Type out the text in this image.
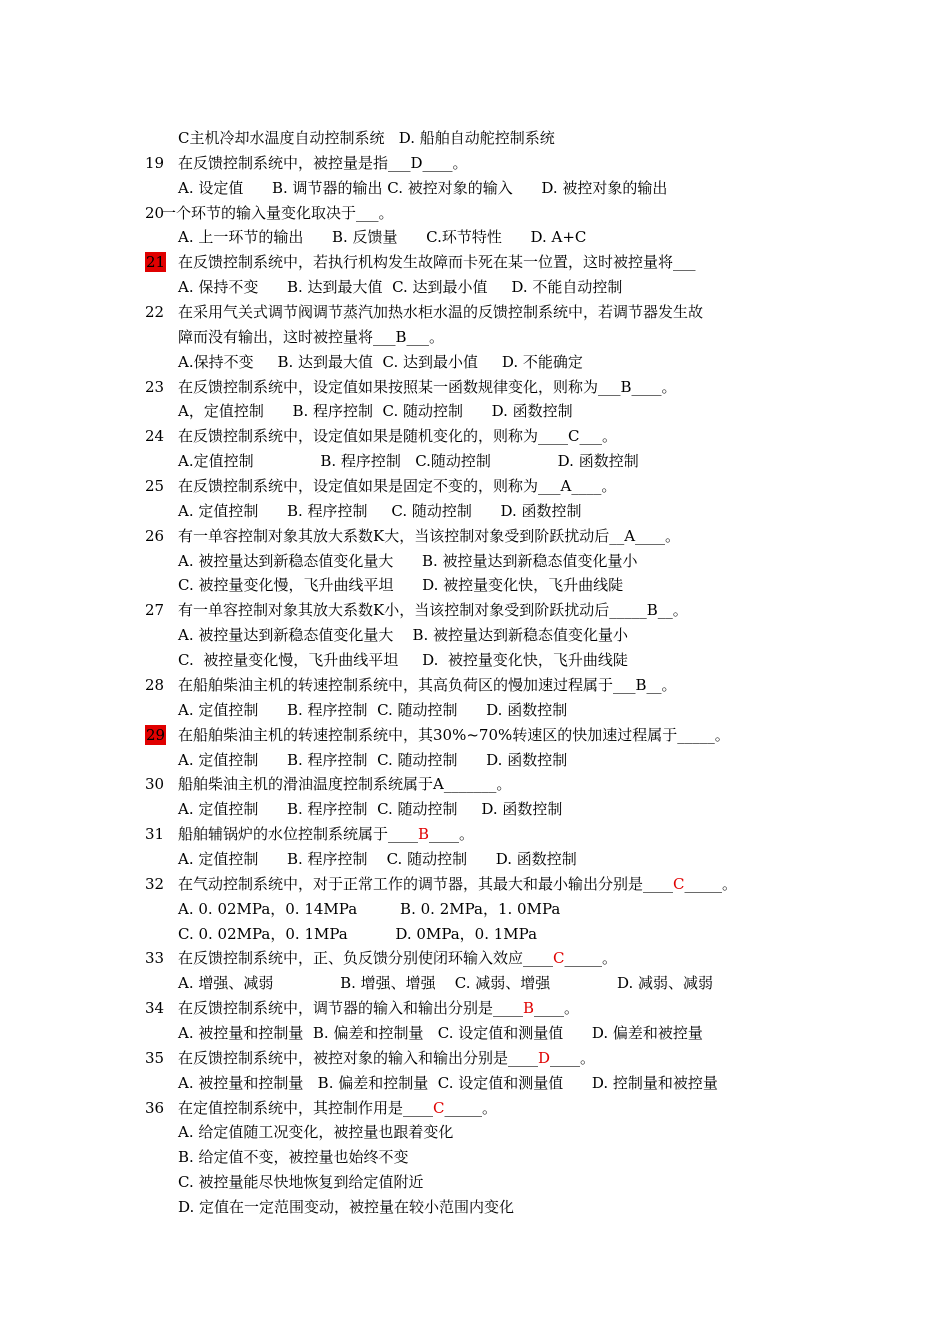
C主机冷却水温度自动控制系统   D. 船舶自动舵控制系统
19 在反馈控制系统中，被控量是指___D____。
A. 设定值      B. 调节器的输出 C. 被控对象的输入      D. 被控对象的输出
20
一个环节的输入量变化取决于___。
A. 上一环节的输出      B. 反馈量      C.环节特性      D. A+C
21 在反馈控制系统中，若执行机构发生故障而卡死在某一位置，这时被控量将___
A. 保持不变      B. 达到最大值  C. 达到最小值     D. 不能自动控制
22 在采用气关式调节阀调节蒸汽加热水柜水温的反馈控制系统中，若调节器发生故
障而没有输出，这时被控量将___B___。
A.保持不变     B. 达到最大值  C. 达到最小值     D. 不能确定
23 在反馈控制系统中，设定值如果按照某一函数规律变化，则称为___B____。
A，定值控制      B. 程序控制  C. 随动控制      D. 函数控制
24 在反馈控制系统中，设定值如果是随机变化的，则称为____C___。
A.定值控制              B. 程序控制   C.随动控制              D. 函数控制
25 在反馈控制系统中，设定值如果是固定不变的，则称为___A____。
A. 定值控制      B. 程序控制     C. 随动控制      D. 函数控制
26 有一单容控制对象其放大系数K大，当该控制对象受到阶跃扰动后__A____。
A. 被控量达到新稳态值变化量大      B. 被控量达到新稳态值变化量小
C. 被控量变化慢，飞升曲线平坦      D. 被控量变化快，飞升曲线陡
27 有一单容控制对象其放大系数K小，当该控制对象受到阶跃扰动后_____B__。
A. 被控量达到新稳态值变化量大    B. 被控量达到新稳态值变化量小
C.  被控量变化慢，飞升曲线平坦     D.  被控量变化快，飞升曲线陡
28 在船舶柴油主机的转速控制系统中，其高负荷区的慢加速过程属于___B__。
A. 定值控制      B. 程序控制  C. 随动控制      D. 函数控制
29 在船舶柴油主机的转速控制系统中，其30%~70%转速区的快加速过程属于_____。
A. 定值控制      B. 程序控制  C. 随动控制      D. 函数控制
30 船舶柴油主机的滑油温度控制系统属于A_______。
A. 定值控制      B. 程序控制  C. 随动控制     D. 函数控制
31 船舶辅锅炉的水位控制系统属于____B____。
A. 定值控制      B. 程序控制    C. 随动控制      D. 函数控制
32 在气动控制系统中，对于正常工作的调节器，其最大和最小输出分别是____C_____。
A. 0. 02MPa，0. 14MPa         B. 0. 2MPa，1. 0MPa
C. 0. 02MPa，0. 1MPa          D. 0MPa，0. 1MPa
33 在反馈控制系统中，正、负反馈分别使闭环输入效应____C_____。
A. 增强、减弱              B. 增强、增强    C. 减弱、增强              D. 减弱、减弱
34 在反馈控制系统中，调节器的输入和输出分别是____B____。
A. 被控量和控制量  B. 偏差和控制量   C. 设定值和测量值      D. 偏差和被控量
35 在反馈控制系统中，被控对象的输入和输出分别是____D____。
A. 被控量和控制量   B. 偏差和控制量  C. 设定值和测量值      D. 控制量和被控量
36 在定值控制系统中，其控制作用是____C_____。
A. 给定值随工况变化，被控量也跟着变化
B. 给定值不变，被控量也始终不变
C. 被控量能尽快地恢复到给定值附近
D. 定值在一定范围变动，被控量在较小范围内变化
